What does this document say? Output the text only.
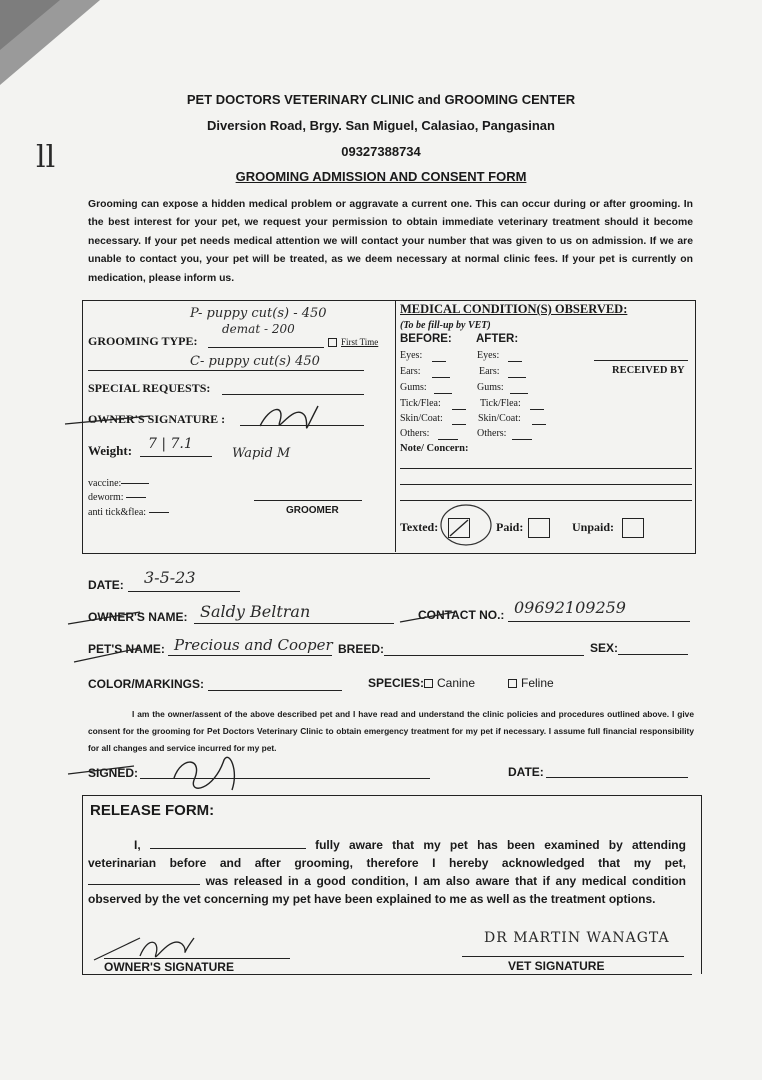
ll
PET DOCTORS VETERINARY CLINIC and GROOMING CENTER
Diversion Road, Brgy. San Miguel, Calasiao, Pangasinan
09327388734
GROOMING ADMISSION AND CONSENT FORM
Grooming can expose a hidden medical problem or aggravate a current one. This can occur during or after grooming. In the best interest for your pet, we request your permission to obtain immediate veterinary treatment should it become necessary. If your pet needs medical attention we will contact your number that was given to us on admission. If we are unable to contact you, your pet will be treated, as we deem necessary at normal clinic fees. If your pet is currently on medication, please inform us.
P- puppy cut(s) - 450
demat - 200
GROOMING TYPE:	First Time
C- puppy cut(s) 450
SPECIAL REQUESTS:
OWNER'S SIGNATURE :
Weight: 7 | 7.1
Wapid M
vaccine:
deworm:
anti tick&flea:	GROOMER
MEDICAL CONDITION(S) OBSERVED:
(To be fill-up by VET)
BEFORE: AFTER:
RECEIVED BY
Eyes:	Eyes:
Ears:	Ears:
Gums:	Gums:
Tick/Flea:	Tick/Flea:
Skin/Coat:	Skin/Coat:
Others:	Others:
Note/ Concern:
Texted:	Paid:	Unpaid:
DATE: 3-5-23
OWNER'S NAME: Saldy Beltran	CONTACT NO.: 09692109259
PET'S NAME: Precious and Cooper BREED:	SEX:
COLOR/MARKINGS:	SPECIES:	Canine	Feline
I am the owner/assent of the above described pet and I have read and understand the clinic policies and procedures outlined above. I give consent for the grooming for Pet Doctors Veterinary Clinic to obtain emergency treatment for my pet if necessary. I assume full financial responsibility for all changes and service incurred for my pet.
SIGNED:	DATE:
RELEASE FORM:
I,	fully aware that my pet has been examined by attending veterinarian before and after grooming, therefore I hereby acknowledged that my pet,  was released in a good condition, I am also aware that if any medical condition observed by the vet concerning my pet have been explained to me as well as the treatment options.
OWNER'S SIGNATURE
DR MARTIN WANAGTA
VET SIGNATURE
